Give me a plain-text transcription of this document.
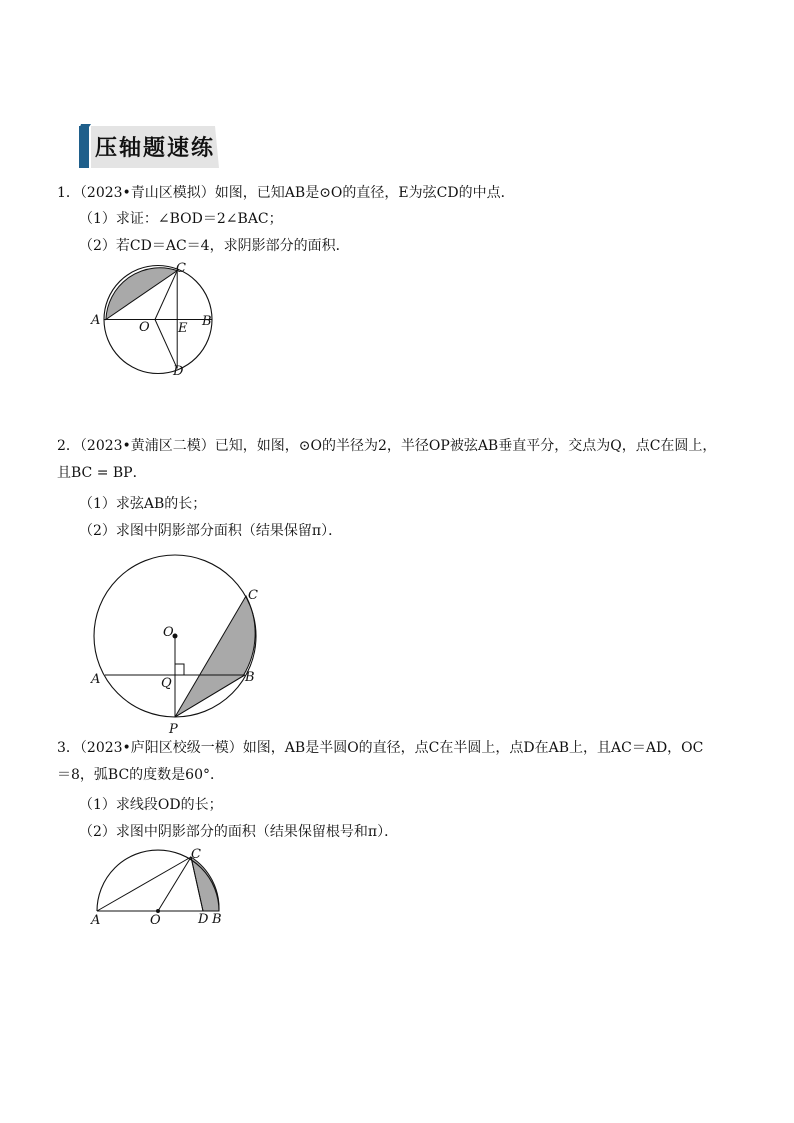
压轴题速练
1．（2023•青山区模拟）如图，已知AB是⊙O的直径，E为弦CD的中点．
（1）求证：∠BOD＝2∠BAC；
（2）若CD＝AC＝4，求阴影部分的面积．
A	O E B
C
D
2．（2023•黄浦区二模）已知，如图，⊙O的半径为2，半径OP被弦AB垂直平分，交点为Q，点C在圆上，
且BC = BP．
（1）求弦AB的长；
（2）求图中阴影部分面积（结果保留π）．
O
A	Q	B
C
P
3．（2023•庐阳区校级一模）如图，AB是半圆O的直径，点C在半圆上，点D在AB上，且AC＝AD，OC
＝8，弧BC的度数是60°．
（1）求线段OD的长；
（2）求图中阴影部分的面积（结果保留根号和π）．
A	O	D B
C
